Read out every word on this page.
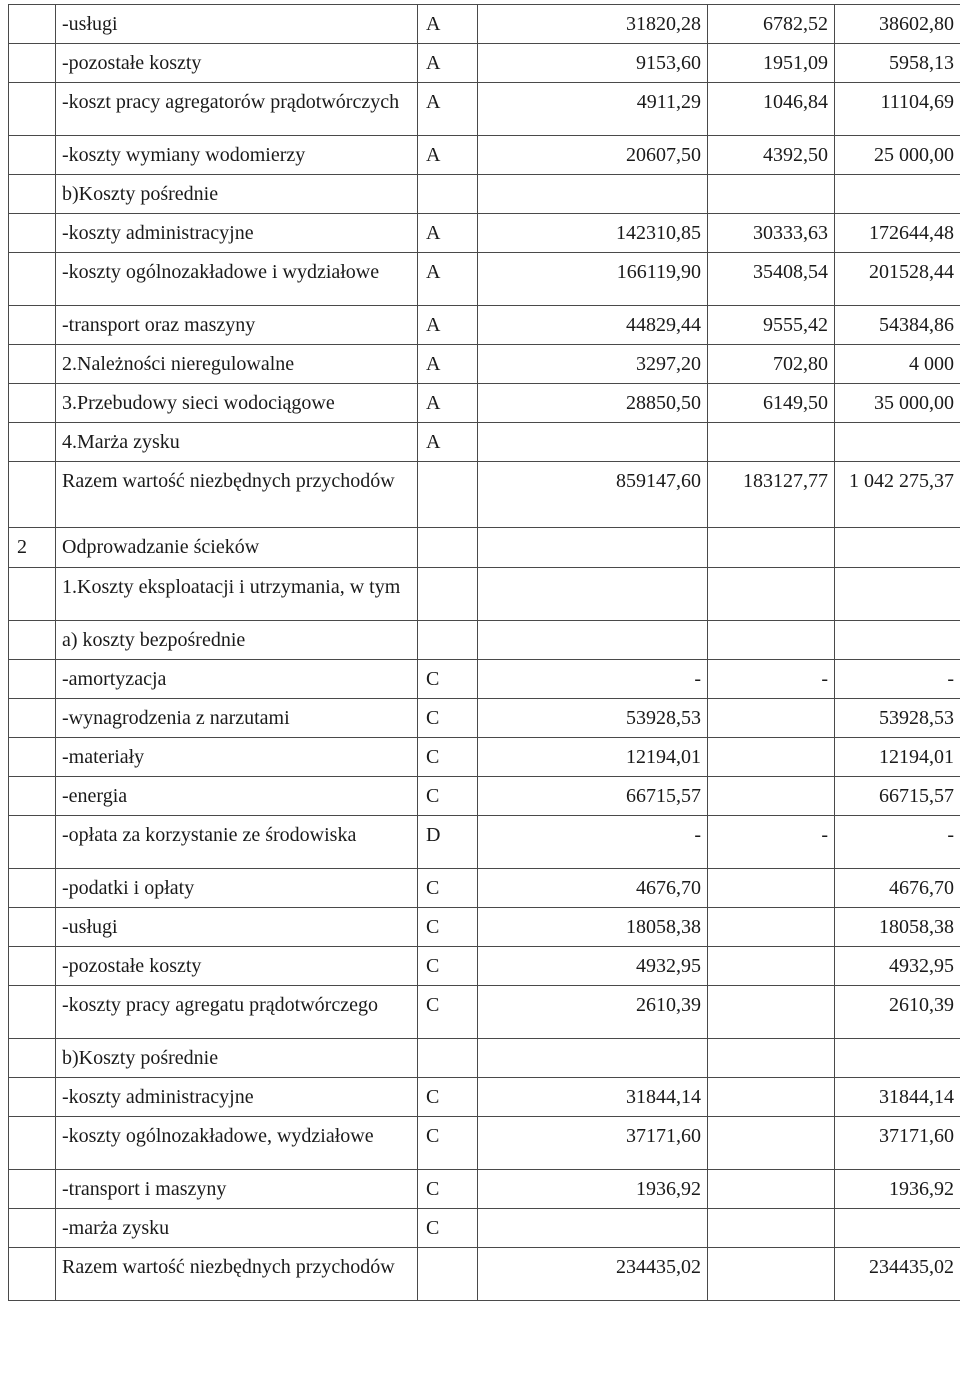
	-usługi	A	31820,28	6782,52	38602,80
	-pozostałe koszty	A	9153,60	1951,09	5958,13
	-koszt pracy agregatorów prądotwórczych	A	4911,29	1046,84	11104,69
	-koszty wymiany wodomierzy	A	20607,50	4392,50	25 000,00
	b)Koszty pośrednie				
	-koszty administracyjne	A	142310,85	30333,63	172644,48
	-koszty ogólnozakładowe i wydziałowe	A	166119,90	35408,54	201528,44
	-transport oraz maszyny	A	44829,44	9555,42	54384,86
	2.Należności nieregulowalne	A	3297,20	702,80	4 000
	3.Przebudowy sieci wodociągowe	A	28850,50	6149,50	35 000,00
	4.Marża zysku	A			
	Razem wartość niezbędnych przychodów		859147,60	183127,77	1 042 275,37
2	Odprowadzanie ścieków				
	1.Koszty eksploatacji i utrzymania, w tym				
	a) koszty bezpośrednie				
	-amortyzacja	C	-	-	-
	-wynagrodzenia z narzutami	C	53928,53		53928,53
	-materiały	C	12194,01		12194,01
	-energia	C	66715,57		66715,57
	-opłata za korzystanie ze środowiska	D	-	-	-
	-podatki i opłaty	C	4676,70		4676,70
	-usługi	C	18058,38		18058,38
	-pozostałe koszty	C	4932,95		4932,95
	-koszty pracy agregatu prądotwórczego	C	2610,39		2610,39
	b)Koszty pośrednie				
	-koszty administracyjne	C	31844,14		31844,14
	-koszty ogólnozakładowe, wydziałowe	C	37171,60		37171,60
	-transport i maszyny	C	1936,92		1936,92
	-marża zysku	C			
	Razem wartość niezbędnych przychodów		234435,02		234435,02
